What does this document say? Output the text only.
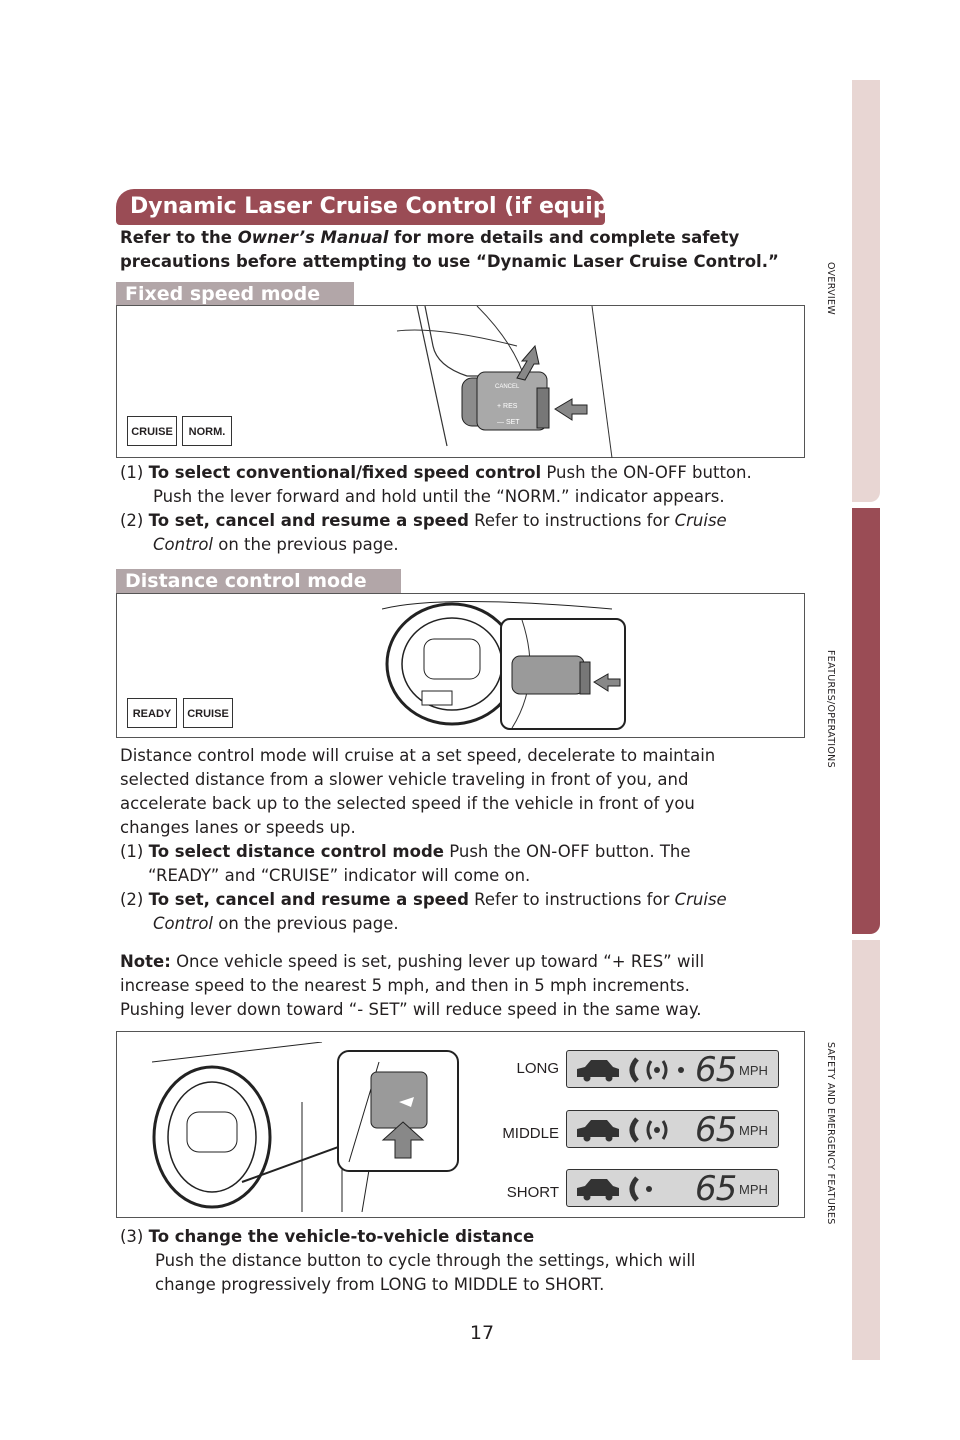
OVERVIEW
FEATURES/OPERATIONS
SAFETY AND EMERGENCY FEATURES
Dynamic Laser Cruise Control (if equipped)
Refer to the Owner’s Manual for more details and complete safety
precautions before attempting to use “Dynamic Laser Cruise Control.”
Fixed speed mode
CRUISE	NORM.
CANCEL
+ RES
— SET
(1) To select conventional/fixed speed control Push the ON-OFF button.
Push the lever forward and hold until the “NORM.” indicator appears.
(2) To set, cancel and resume a speed Refer to instructions for Cruise
Control on the previous page.
Distance control mode
READY	CRUISE
Distance control mode will cruise at a set speed, decelerate to maintain
selected distance from a slower vehicle traveling in front of you, and
accelerate back up to the selected speed if the vehicle in front of you
changes lanes or speeds up.
(1) To select distance control mode Push the ON-OFF button. The
“READY” and “CRUISE” indicator will come on.
(2) To set, cancel and resume a speed Refer to instructions for Cruise
Control on the previous page.
Note: Once vehicle speed is set, pushing lever up toward “+ RES” will
increase speed to the nearest 5 mph, and then in 5 mph increments.
Pushing lever down toward “- SET” will reduce speed in the same way.
LONG
MIDDLE
SHORT
65 MPH
65 MPH
65 MPH
(3) To change the vehicle-to-vehicle distance
Push the distance button to cycle through the settings, which will
change progressively from LONG to MIDDLE to SHORT.
17
